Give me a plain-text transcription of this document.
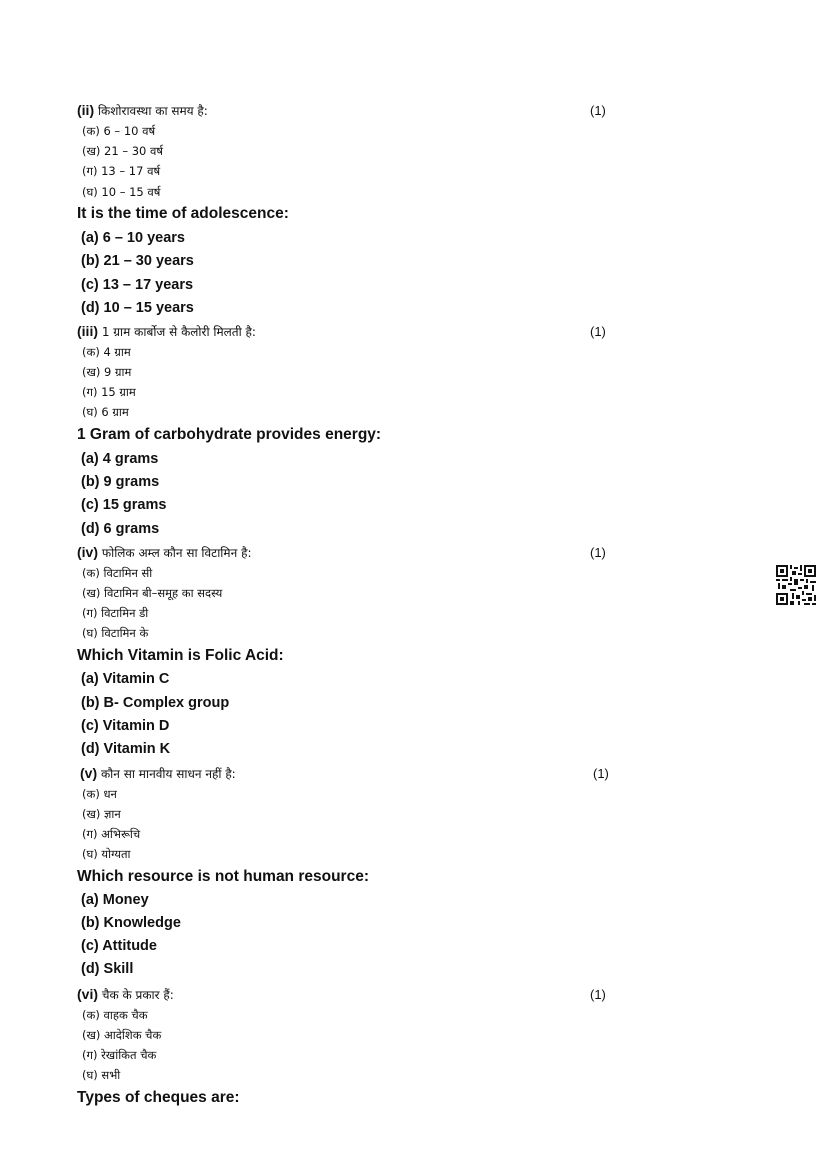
(ii) किशोरावस्था का समय है:	(1)
(क) 6 – 10 वर्ष
(ख) 21 – 30 वर्ष
(ग) 13 – 17 वर्ष
(घ) 10 – 15 वर्ष
It is the time of adolescence:
(a) 6 – 10 years
(b) 21 – 30 years
(c) 13 – 17 years
(d) 10 – 15 years
(iii) 1 ग्राम कार्बोज से कैलोरी मिलती है:	(1)
(क) 4 ग्राम
(ख) 9 ग्राम
(ग) 15 ग्राम
(घ) 6 ग्राम
1 Gram of carbohydrate provides energy:
(a) 4 grams
(b) 9 grams
(c) 15 grams
(d) 6 grams
(iv) फोलिक अम्ल कौन सा विटामिन है:	(1)
(क) विटामिन सी
(ख) विटामिन बी–समूह का सदस्य
(ग) विटामिन डी
(घ) विटामिन के
Which Vitamin is Folic Acid:
(a) Vitamin C
(b) B- Complex group
(c) Vitamin D
(d) Vitamin K
(v) कौन सा मानवीय साधन नहीं है:	(1)
(क) धन
(ख) ज्ञान
(ग) अभिरूचि
(घ) योग्यता
Which resource is not human resource:
(a) Money
(b) Knowledge
(c) Attitude
(d) Skill
(vi) चैक के प्रकार हैं:	(1)
(क) वाहक चैक
(ख) आदेशिक चैक
(ग) रेखांकित चैक
(घ) सभी
Types of cheques are:
